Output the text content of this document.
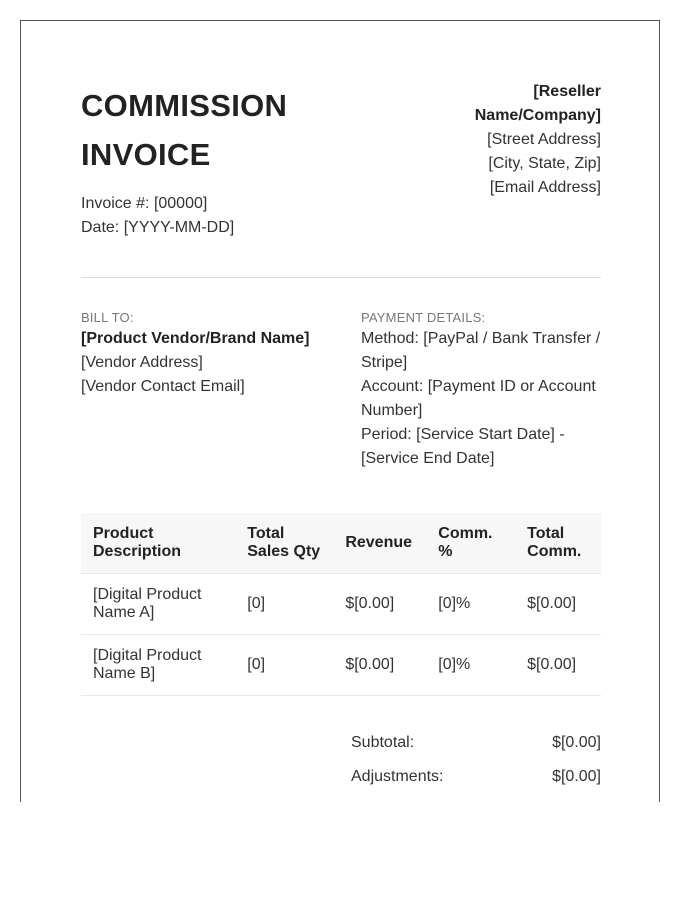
COMMISSION
INVOICE
Invoice #: [00000]
Date: [YYYY-MM-DD]
[Reseller
Name/Company]
[Street Address]
[City, State, Zip]
[Email Address]
BILL TO:
[Product Vendor/Brand Name]
[Vendor Address]
[Vendor Contact Email]
PAYMENT DETAILS:
Method: [PayPal / Bank Transfer / Stripe]
Account: [Payment ID or Account Number]
Period: [Service Start Date] - [Service End Date]
Product Description	Total Sales Qty	Revenue	Comm. %	Total Comm.
[Digital Product Name A]	[0]	$[0.00]	[0]%	$[0.00]
[Digital Product Name B]	[0]	$[0.00]	[0]%	$[0.00]
Subtotal:	$[0.00]
Adjustments:	$[0.00]
